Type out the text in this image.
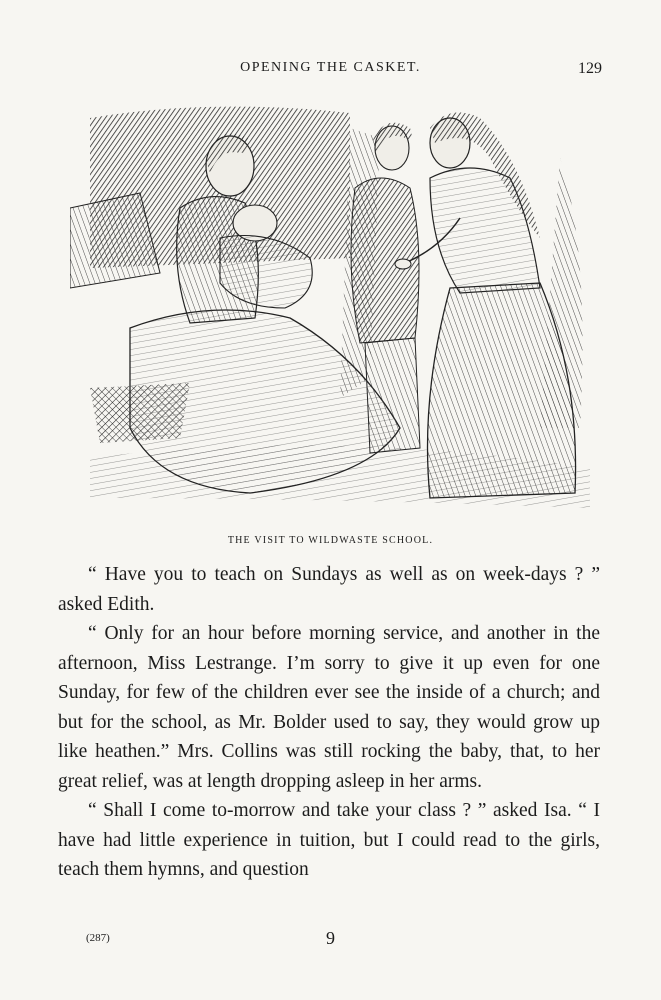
OPENING THE CASKET.	129
THE VISIT TO WILDWASTE SCHOOL.

“ Have you to teach on Sundays as well as on week-days ? ” asked Edith.

“ Only for an hour before morning service, and another in the afternoon, Miss Lestrange. I’m sorry to give it up even for one Sunday, for few of the children ever see the inside of a church; and but for the school, as Mr. Bolder used to say, they would grow up like heathen.” Mrs. Collins was still rocking the baby, that, to her great relief, was at length dropping asleep in her arms.

“ Shall I come to-morrow and take your class ? ” asked Isa. “ I have had little experience in tuition, but I could read to the girls, teach them hymns, and question

(287)	9
